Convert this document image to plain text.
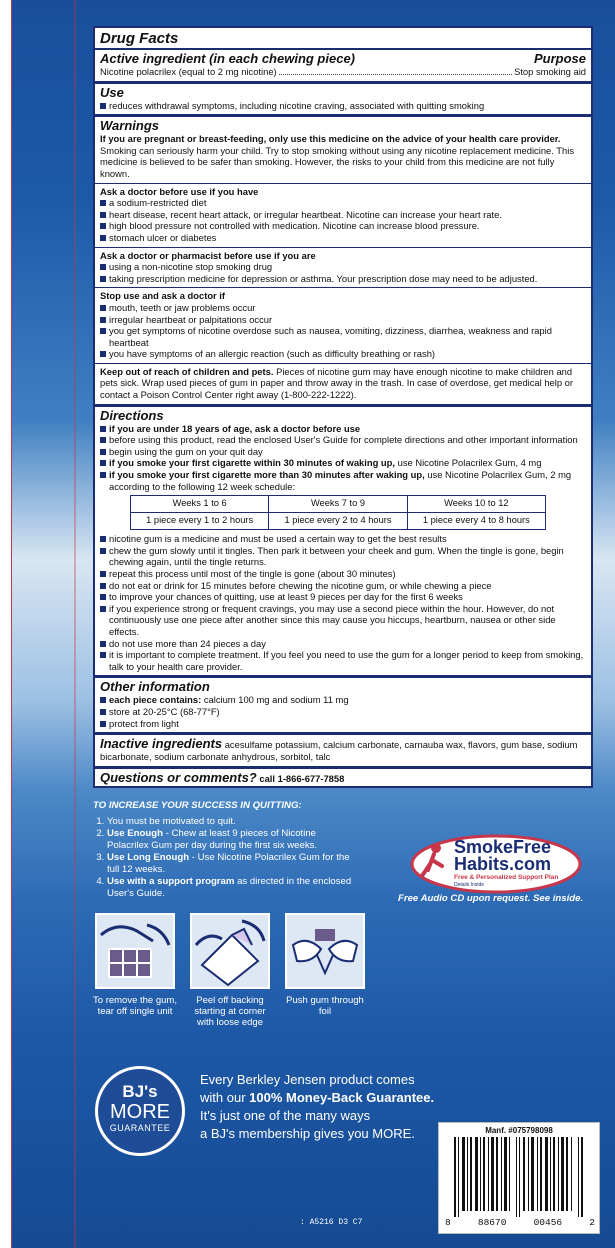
Drug Facts
Active ingredient (in each chewing piece)	Purpose
Nicotine polacrilex (equal to 2 mg nicotine)	Stop smoking aid
Use
reduces withdrawal symptoms, including nicotine craving, associated with quitting smoking
Warnings
If you are pregnant or breast-feeding, only use this medicine on the advice of your health care provider.
Smoking can seriously harm your child. Try to stop smoking without using any nicotine replacement medicine. This medicine is believed to be safer than smoking. However, the risks to your child from this medicine are not fully known.
Ask a doctor before use if you have
a sodium-restricted diet
heart disease, recent heart attack, or irregular heartbeat. Nicotine can increase your heart rate.
high blood pressure not controlled with medication. Nicotine can increase blood pressure.
stomach ulcer or diabetes
Ask a doctor or pharmacist before use if you are
using a non-nicotine stop smoking drug
taking prescription medicine for depression or asthma. Your prescription dose may need to be adjusted.
Stop use and ask a doctor if
mouth, teeth or jaw problems occur
irregular heartbeat or palpitations occur
you get symptoms of nicotine overdose such as nausea, vomiting, dizziness, diarrhea, weakness and rapid heartbeat
you have symptoms of an allergic reaction (such as difficulty breathing or rash)
Keep out of reach of children and pets. Pieces of nicotine gum may have enough nicotine to make children and pets sick. Wrap used pieces of gum in paper and throw away in the trash. In case of overdose, get medical help or contact a Poison Control Center right away (1-800-222-1222).
Directions
if you are under 18 years of age, ask a doctor before use
before using this product, read the enclosed User's Guide for complete directions and other important information
begin using the gum on your quit day
if you smoke your first cigarette within 30 minutes of waking up, use Nicotine Polacrilex Gum, 4 mg
if you smoke your first cigarette more than 30 minutes after waking up, use Nicotine Polacrilex Gum, 2 mg according to the following 12 week schedule:
Weeks 1 to 6	Weeks 7 to 9	Weeks 10 to 12
1 piece every 1 to 2 hours	1 piece every 2 to 4 hours	1 piece every 4 to 8 hours
nicotine gum is a medicine and must be used a certain way to get the best results
chew the gum slowly until it tingles. Then park it between your cheek and gum. When the tingle is gone, begin chewing again, until the tingle returns.
repeat this process until most of the tingle is gone (about 30 minutes)
do not eat or drink for 15 minutes before chewing the nicotine gum, or while chewing a piece
to improve your chances of quitting, use at least 9 pieces per day for the first 6 weeks
if you experience strong or frequent cravings, you may use a second piece within the hour. However, do not continuously use one piece after another since this may cause you hiccups, heartburn, nausea or other side effects.
do not use more than 24 pieces a day
it is important to complete treatment. If you feel you need to use the gum for a longer period to keep from smoking, talk to your health care provider.
Other information
each piece contains: calcium 100 mg and sodium 11 mg
store at 20-25°C (68-77°F)
protect from light
Inactive ingredients acesulfame potassium, calcium carbonate, carnauba wax, flavors, gum base, sodium bicarbonate, sodium carbonate anhydrous, sorbitol, talc
Questions or comments? call 1-866-677-7858
TO INCREASE YOUR SUCCESS IN QUITTING:
1. You must be motivated to quit.
2. Use Enough - Chew at least 9 pieces of Nicotine Polacrilex Gum per day during the first six weeks.
3. Use Long Enough - Use Nicotine Polacrilex Gum for the full 12 weeks.
4. Use with a support program as directed in the enclosed User's Guide.
SmokeFree
Habits.com
Free & Personalized Support Plan
Details Inside
Free Audio CD upon request. See inside.
To remove the gum, tear off single unit
Peel off backing starting at corner with loose edge
Push gum through foil
BJ's
MORE
GUARANTEE
Every Berkley Jensen product comes
with our 100% Money-Back Guarantee.
It's just one of the many ways
a BJ's membership gives you MORE.	Manf. #075798098
8	88670	00456	2
: A5216 D3 C7
